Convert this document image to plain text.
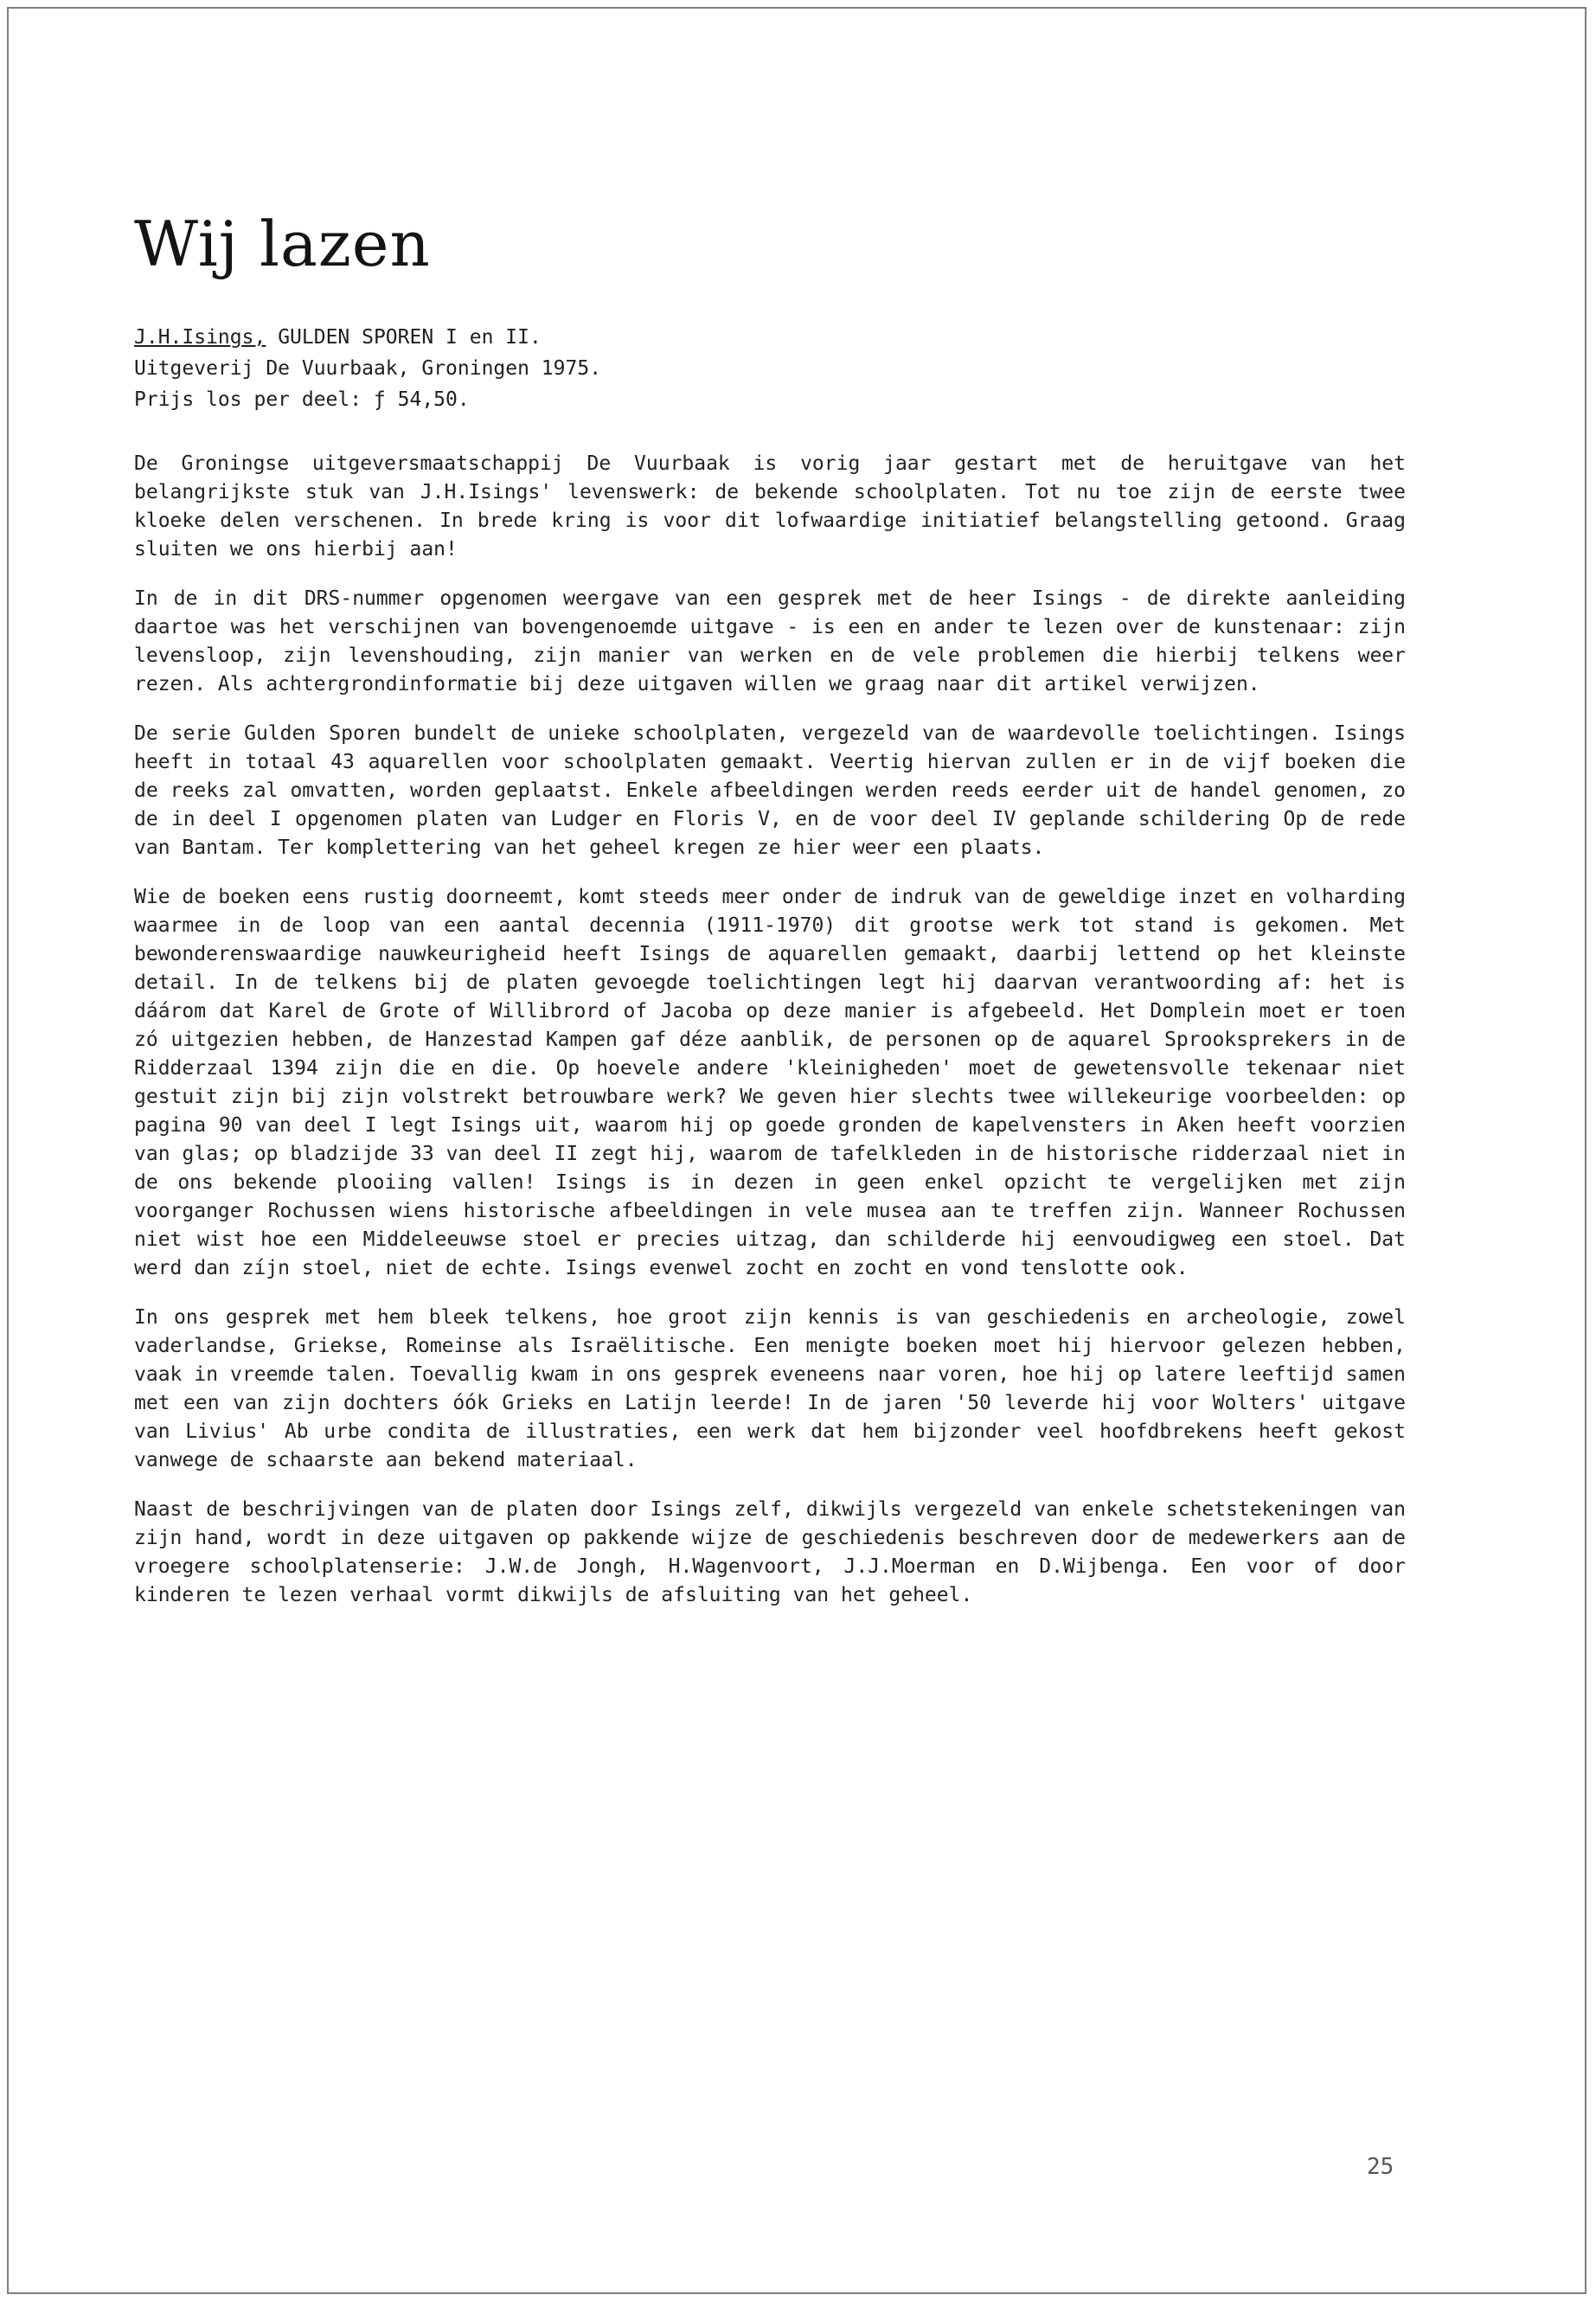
Wij lazen
J.H.Isings, GULDEN SPOREN I en II.
Uitgeverij De Vuurbaak, Groningen 1975.
Prijs los per deel: ƒ 54,50.

De Groningse uitgeversmaatschappij De Vuurbaak is vorig jaar gestart met de heruitgave van het belangrijkste stuk van J.H.Isings' levenswerk: de bekende schoolplaten. Tot nu toe zijn de eerste twee kloeke delen verschenen. In brede kring is voor dit lofwaardige initiatief belangstelling getoond. Graag sluiten we ons hierbij aan!

In de in dit DRS-nummer opgenomen weergave van een gesprek met de heer Isings - de direkte aanleiding daartoe was het verschijnen van bovengenoemde uitgave - is een en ander te lezen over de kunstenaar: zijn levensloop, zijn levenshouding, zijn manier van werken en de vele problemen die hierbij telkens weer rezen. Als achtergrondinformatie bij deze uitgaven willen we graag naar dit artikel verwijzen.

De serie Gulden Sporen bundelt de unieke schoolplaten, vergezeld van de waardevolle toelichtingen. Isings heeft in totaal 43 aquarellen voor schoolplaten gemaakt. Veertig hiervan zullen er in de vijf boeken die de reeks zal omvatten, worden geplaatst. Enkele afbeeldingen werden reeds eerder uit de handel genomen, zo de in deel I opgenomen platen van Ludger en Floris V, en de voor deel IV geplande schildering Op de rede van Bantam. Ter komplettering van het geheel kregen ze hier weer een plaats.

Wie de boeken eens rustig doorneemt, komt steeds meer onder de indruk van de geweldige inzet en volharding waarmee in de loop van een aantal decennia (1911-1970) dit grootse werk tot stand is gekomen. Met bewonderenswaardige nauwkeurigheid heeft Isings de aquarellen gemaakt, daarbij lettend op het kleinste detail. In de telkens bij de platen gevoegde toelichtingen legt hij daarvan verantwoording af: het is dáárom dat Karel de Grote of Willibrord of Jacoba op deze manier is afgebeeld. Het Domplein moet er toen zó uitgezien hebben, de Hanzestad Kampen gaf déze aanblik, de personen op de aquarel Sprooksprekers in de Ridderzaal 1394 zijn die en die. Op hoevele andere 'kleinigheden' moet de gewetensvolle tekenaar niet gestuit zijn bij zijn volstrekt betrouwbare werk? We geven hier slechts twee willekeurige voorbeelden: op pagina 90 van deel I legt Isings uit, waarom hij op goede gronden de kapelvensters in Aken heeft voorzien van glas; op bladzijde 33 van deel II zegt hij, waarom de tafelkleden in de historische ridderzaal niet in de ons bekende plooiing vallen! Isings is in dezen in geen enkel opzicht te vergelijken met zijn voorganger Rochussen wiens historische afbeeldingen in vele musea aan te treffen zijn. Wanneer Rochussen niet wist hoe een Middeleeuwse stoel er precies uitzag, dan schilderde hij eenvoudigweg een stoel. Dat werd dan zíjn stoel, niet de echte. Isings evenwel zocht en zocht en vond tenslotte ook.

In ons gesprek met hem bleek telkens, hoe groot zijn kennis is van geschiedenis en archeologie, zowel vaderlandse, Griekse, Romeinse als Israëlitische. Een menigte boeken moet hij hiervoor gelezen hebben, vaak in vreemde talen. Toevallig kwam in ons gesprek eveneens naar voren, hoe hij op latere leeftijd samen met een van zijn dochters óók Grieks en Latijn leerde! In de jaren '50 leverde hij voor Wolters' uitgave van Livius' Ab urbe condita de illustraties, een werk dat hem bijzonder veel hoofdbrekens heeft gekost vanwege de schaarste aan bekend materiaal.

Naast de beschrijvingen van de platen door Isings zelf, dikwijls vergezeld van enkele schetstekeningen van zijn hand, wordt in deze uitgaven op pakkende wijze de geschiedenis beschreven door de medewerkers aan de vroegere schoolplatenserie: J.W.de Jongh, H.Wagenvoort, J.J.Moerman en D.Wijbenga. Een voor of door kinderen te lezen verhaal vormt dikwijls de afsluiting van het geheel.

25
